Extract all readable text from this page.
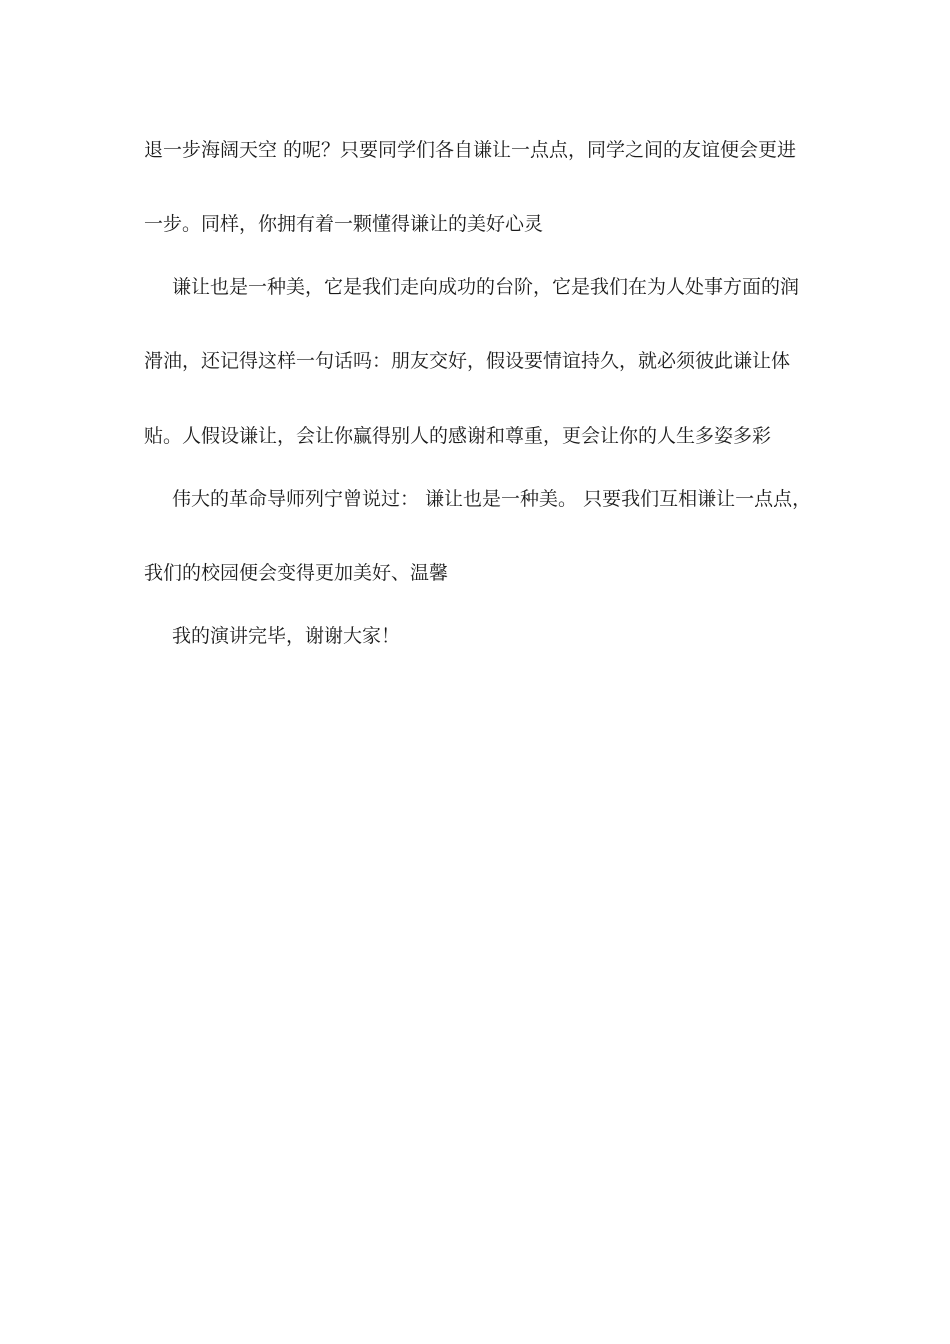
退一步海阔天空 的呢？只要同学们各自谦让一点点，同学之间的友谊便会更进
一步。同样，你拥有着一颗懂得谦让的美好心灵
谦让也是一种美，它是我们走向成功的台阶，它是我们在为人处事方面的润
滑油，还记得这样一句话吗：朋友交好，假设要情谊持久，就必须彼此谦让体
贴。人假设谦让，会让你赢得别人的感谢和尊重，更会让你的人生多姿多彩
伟大的革命导师列宁曾说过： 谦让也是一种美。 只要我们互相谦让一点点，
我们的校园便会变得更加美好、温馨
我的演讲完毕，谢谢大家！
